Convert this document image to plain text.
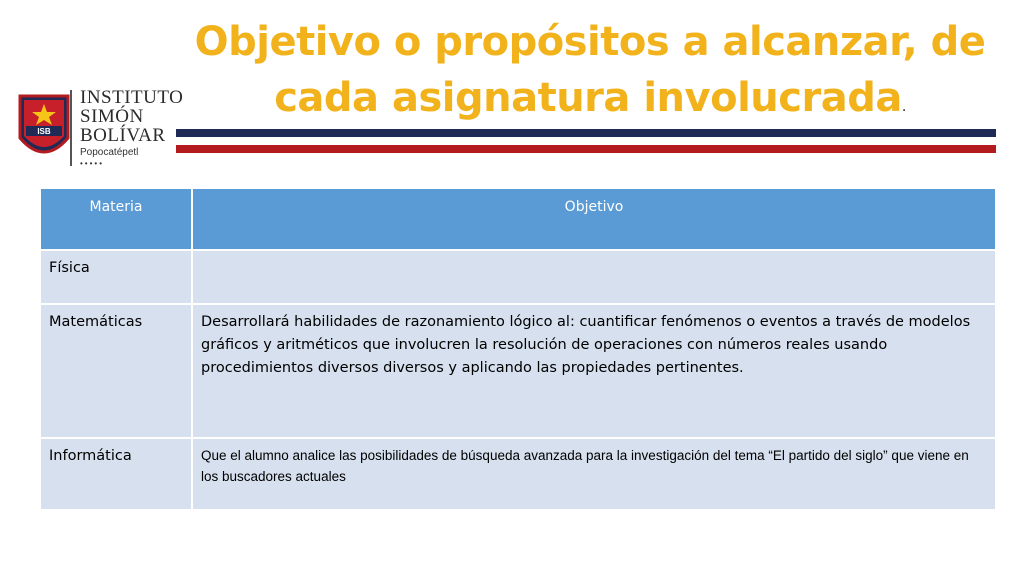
Objetivo o propósitos a alcanzar, de
cada asignatura involucrada.
ISB
INSTITUTO
SIMÓN
BOLÍVAR
Popocatépetl
•••••
Materia	Objetivo
Física	
Matemáticas	Desarrollará habilidades de razonamiento lógico al: cuantificar fenómenos o eventos a través de modelos gráficos y aritméticos que involucren la resolución de operaciones con números reales usando procedimientos diversos diversos y aplicando las propiedades pertinentes.
Informática	Que el alumno analice las posibilidades de búsqueda avanzada para la investigación del tema “El partido del siglo” que viene en los buscadores actuales
